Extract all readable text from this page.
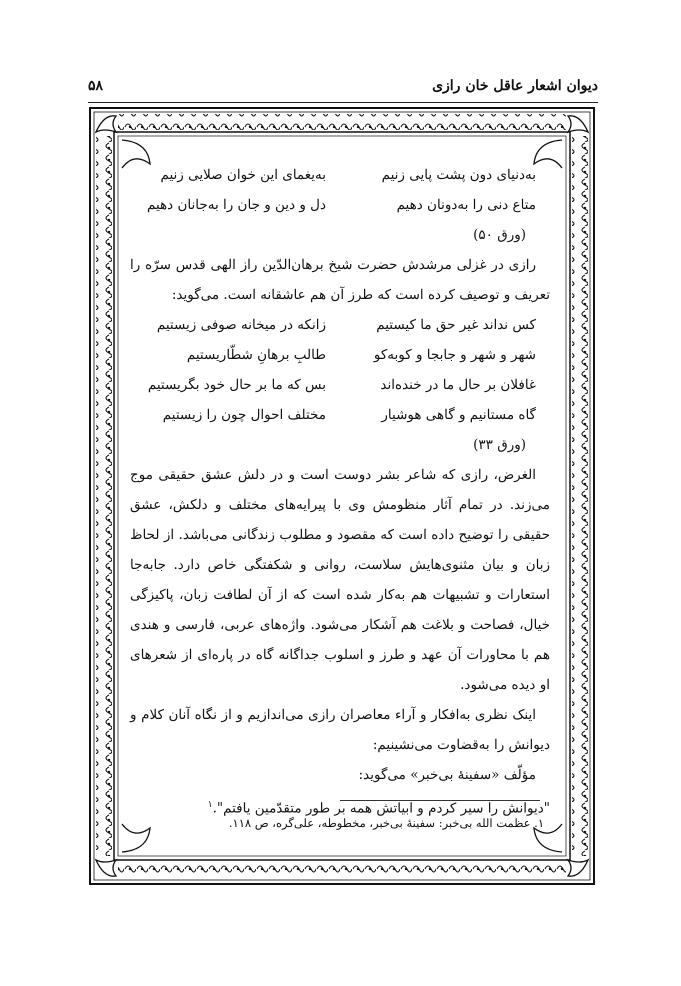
دیوان اشعار عاقل خان رازی
۵۸
به‌دنیای دون پشت پایی زنیم
به‌یغمای این خوان صلایی زنیم
متاع دنی را به‌دونان دهیم
دل و دین و جان را به‌جانان دهیم
(ورق ۵۰)
رازی در غزلی مرشدش حضرت شیخ برهان‌الدّین راز الهی قدس سرّه را تعریف و توصیف کرده است که طرز آن هم عاشقانه است. می‌گوید:
کس نداند غیر حق ما کیستیم
زانکه در میخانه صوفی زیستیم
شهر و شهر و جابجا و کوبه‌کو
طالبِ برهانِ شطّاریستیم
غافلان بر حال ما در خنده‌اند
بس که ما بر حال خود بگریستیم
گاه مستانیم و گاهی هوشیار
مختلف احوال چون را زیستیم
(ورق ۳۳)
الغرض، رازی که شاعر بشر دوست است و در دلش عشق حقیقی موج می‌زند. در تمام آثار منظومش وی با پیرایه‌های مختلف و دلکش، عشق حقیقی را توضیح داده است که مقصود و مطلوب زندگانی می‌باشد. از لحاظ زبان و بیان مثنوی‌هایش سلاست، روانی و شکفتگی خاص دارد. جابه‌جا استعارات و تشبیهات هم به‌کار شده است که از آن لطافت زبان، پاکیزگی خیال، فصاحت و بلاغت هم آشکار می‌شود. واژه‌های عربی، فارسی و هندی هم با محاورات آن عهد و طرز و اسلوب جداگانه گاه در پاره‌ای از شعرهای او دیده می‌شود.
اینک نظری به‌افکار و آراء معاصران رازی می‌اندازیم و از نگاه آنان کلام و دیوانش را به‌قضاوت می‌نشینیم:
مؤلّف «سفینهٔ بی‌خبر» می‌گوید:
"دیوانش را سیر کردم و ابیاتش همه بر طور متقدّمین یافتم".$^۱$
۱. عظمت الله بی‌خبر: سفینهٔ بی‌خبر، مخطوطه، علی‌گره، ص ۱۱۸.
